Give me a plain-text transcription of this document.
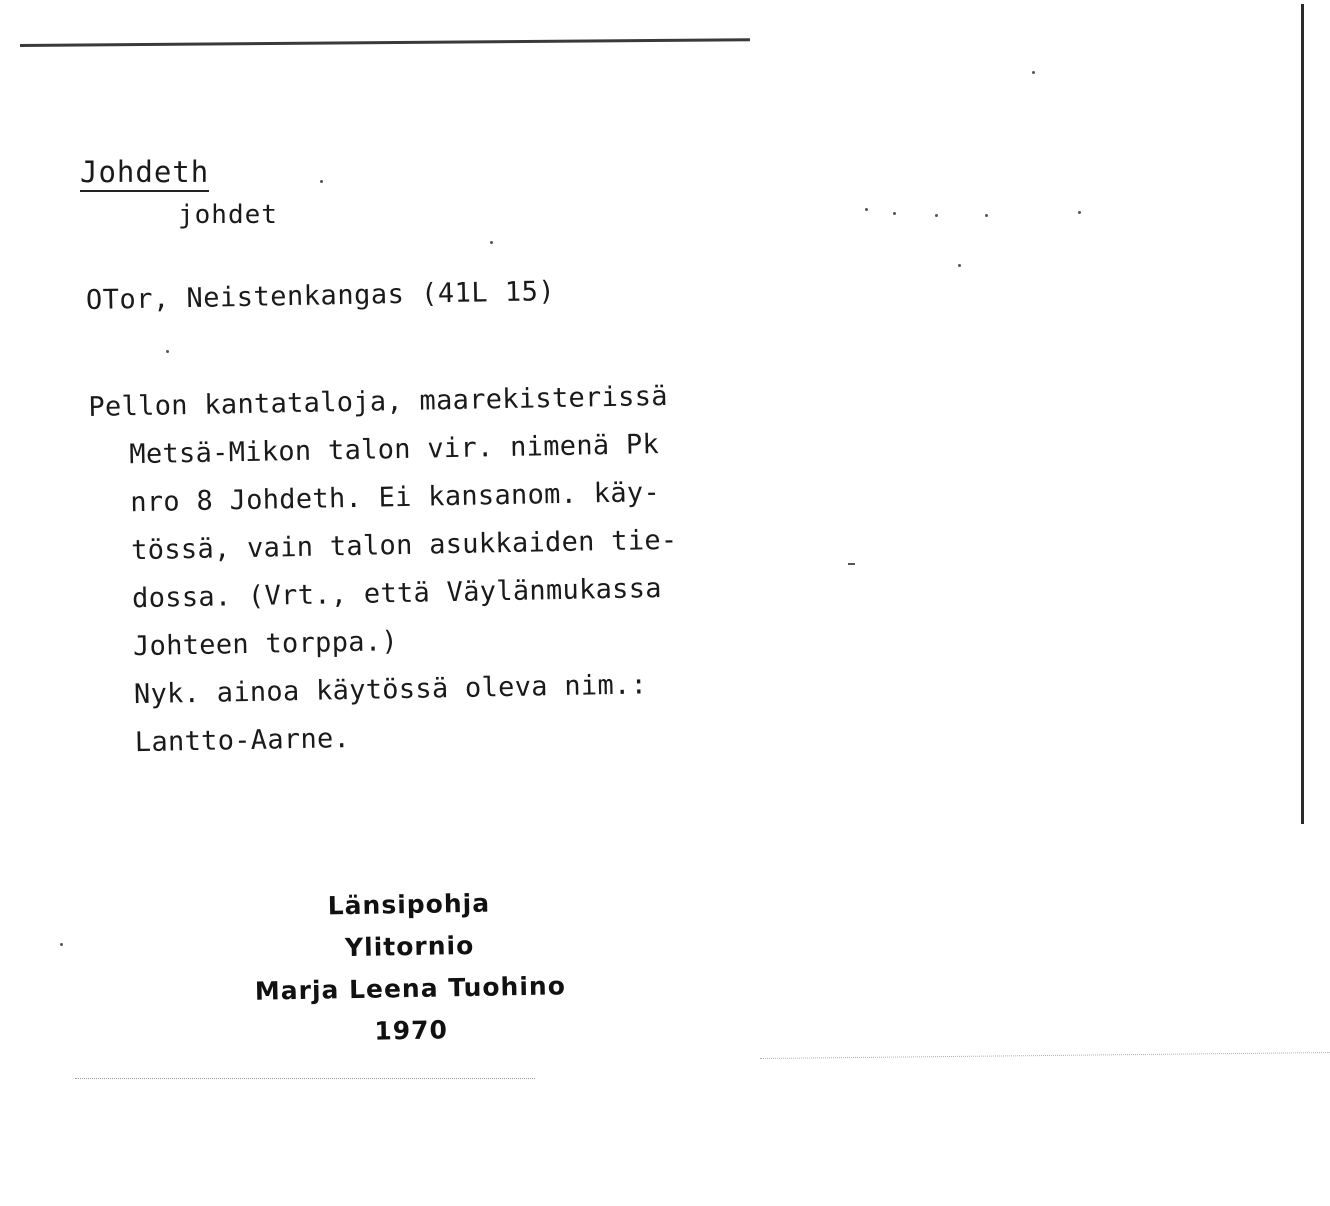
Johdeth
johdet
OTor, Neistenkangas (41L 15)
Pellon kantataloja, maarekisterissä
Metsä-Mikon talon vir. nimenä Pk
nro 8 Johdeth. Ei kansanom. käy-
tössä, vain talon asukkaiden tie-
dossa. (Vrt., että Väylänmukassa
Johteen torppa.)
Nyk. ainoa käytössä oleva nim.:
Lantto-Aarne.
Länsipohja
Ylitornio
Marja Leena Tuohino
1970
